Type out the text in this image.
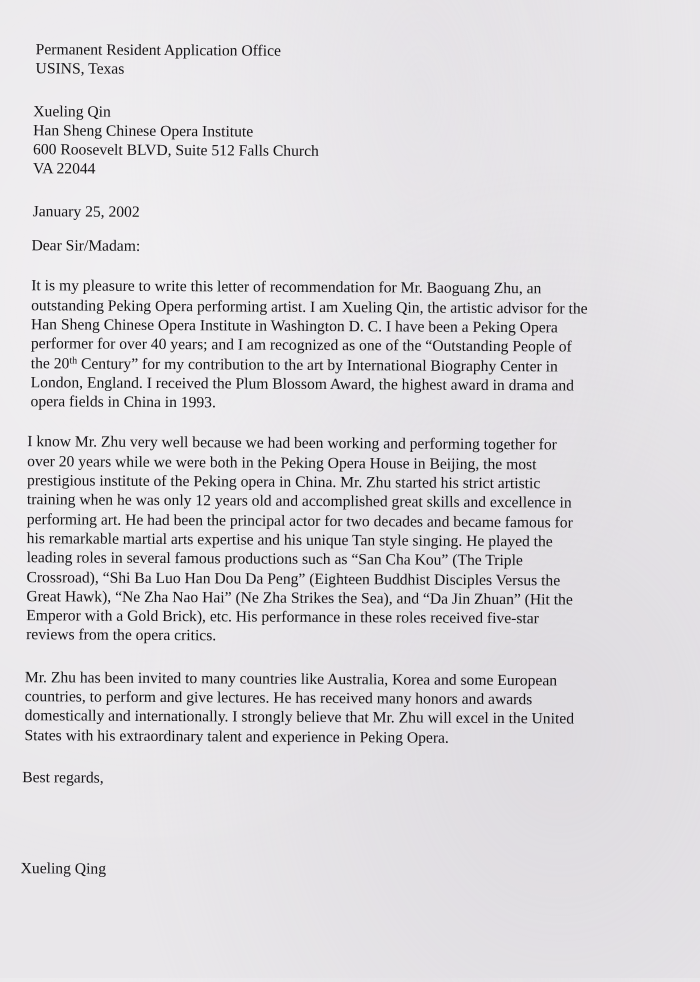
Permanent Resident Application Office
USINS, Texas
Xueling Qin
Han Sheng Chinese Opera Institute
600 Roosevelt BLVD, Suite 512 Falls Church
VA 22044
January 25, 2002
Dear Sir/Madam:
It is my pleasure to write this letter of recommendation for Mr. Baoguang Zhu, an
outstanding Peking Opera performing artist. I am Xueling Qin, the artistic advisor for the
Han Sheng Chinese Opera Institute in Washington D. C. I have been a Peking Opera
performer for over 40 years; and I am recognized as one of the “Outstanding People of
the 20th Century” for my contribution to the art by International Biography Center in
London, England. I received the Plum Blossom Award, the highest award in drama and
opera fields in China in 1993.
I know Mr. Zhu very well because we had been working and performing together for
over 20 years while we were both in the Peking Opera House in Beijing, the most
prestigious institute of the Peking opera in China. Mr. Zhu started his strict artistic
training when he was only 12 years old and accomplished great skills and excellence in
performing art. He had been the principal actor for two decades and became famous for
his remarkable martial arts expertise and his unique Tan style singing. He played the
leading roles in several famous productions such as “San Cha Kou” (The Triple
Crossroad), “Shi Ba Luo Han Dou Da Peng” (Eighteen Buddhist Disciples Versus the
Great Hawk), “Ne Zha Nao Hai” (Ne Zha Strikes the Sea), and “Da Jin Zhuan” (Hit the
Emperor with a Gold Brick), etc. His performance in these roles received five-star
reviews from the opera critics.
Mr. Zhu has been invited to many countries like Australia, Korea and some European
countries, to perform and give lectures. He has received many honors and awards
domestically and internationally. I strongly believe that Mr. Zhu will excel in the United
States with his extraordinary talent and experience in Peking Opera.
Best regards,
Xueling Qing
